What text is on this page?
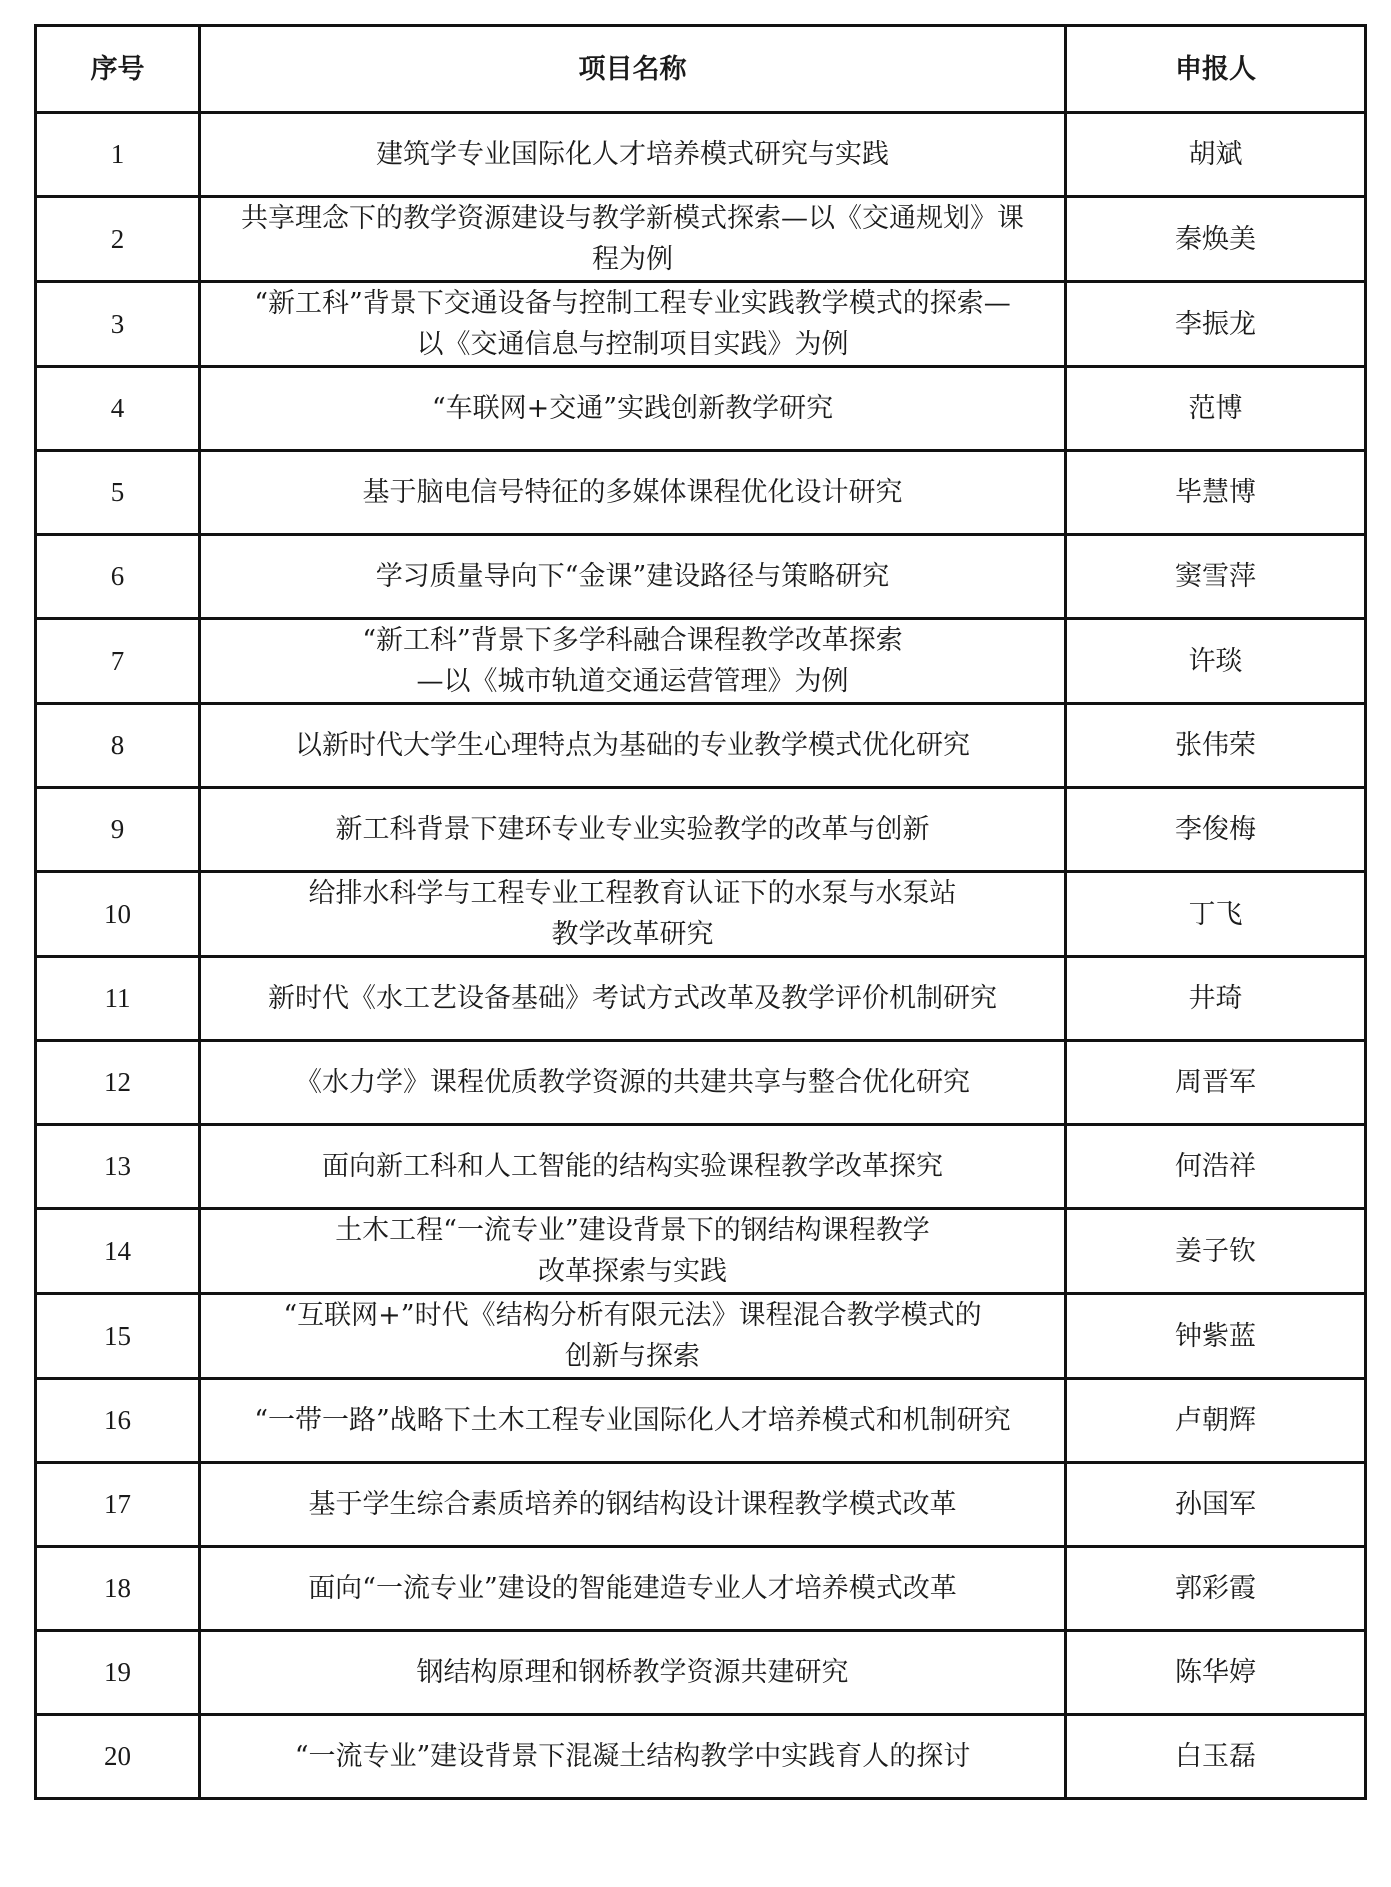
序号	项目名称	申报人
1	建筑学专业国际化人才培养模式研究与实践	胡斌
2	共享理念下的教学资源建设与教学新模式探索—以《交通规划》课
程为例	秦焕美
3	“新工科”背景下交通设备与控制工程专业实践教学模式的探索—
以《交通信息与控制项目实践》为例	李振龙
4	“车联网+交通”实践创新教学研究	范博
5	基于脑电信号特征的多媒体课程优化设计研究	毕慧博
6	学习质量导向下“金课”建设路径与策略研究	窦雪萍
7	“新工科”背景下多学科融合课程教学改革探索
—以《城市轨道交通运营管理》为例	许琰
8	以新时代大学生心理特点为基础的专业教学模式优化研究	张伟荣
9	新工科背景下建环专业专业实验教学的改革与创新	李俊梅
10	给排水科学与工程专业工程教育认证下的水泵与水泵站
教学改革研究	丁飞
11	新时代《水工艺设备基础》考试方式改革及教学评价机制研究	井琦
12	《水力学》课程优质教学资源的共建共享与整合优化研究	周晋军
13	面向新工科和人工智能的结构实验课程教学改革探究	何浩祥
14	土木工程“一流专业”建设背景下的钢结构课程教学
改革探索与实践	姜子钦
15	“互联网+”时代《结构分析有限元法》课程混合教学模式的
创新与探索	钟紫蓝
16	“一带一路”战略下土木工程专业国际化人才培养模式和机制研究	卢朝辉
17	基于学生综合素质培养的钢结构设计课程教学模式改革	孙国军
18	面向“一流专业”建设的智能建造专业人才培养模式改革	郭彩霞
19	钢结构原理和钢桥教学资源共建研究	陈华婷
20	“一流专业”建设背景下混凝土结构教学中实践育人的探讨	白玉磊
